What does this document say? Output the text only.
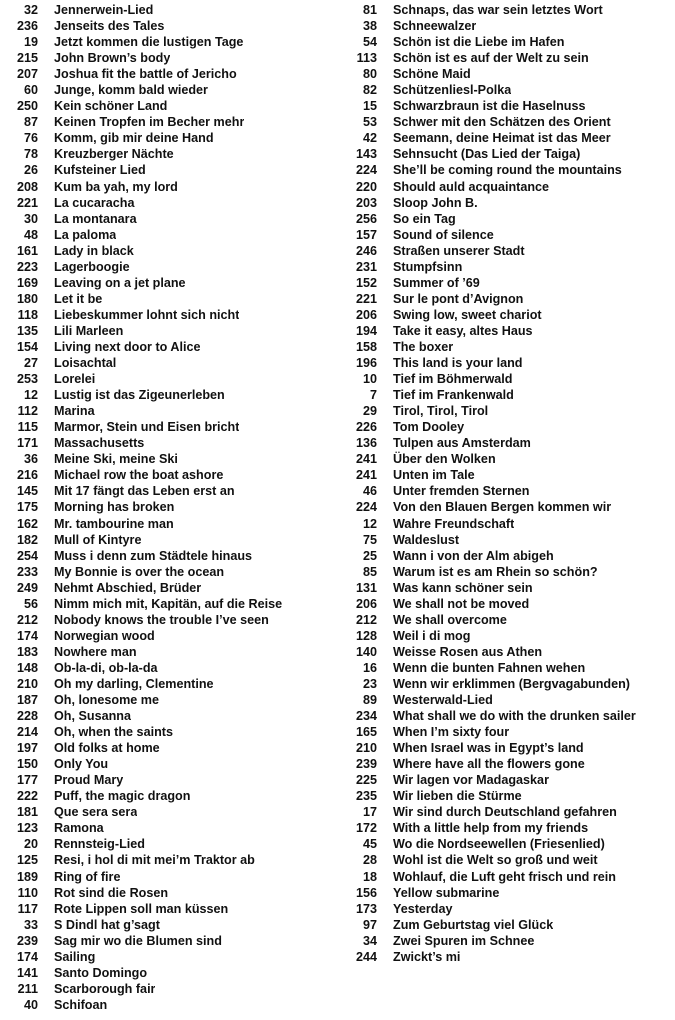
32	Jennerwein-Lied
236	Jenseits des Tales
19	Jetzt kommen die lustigen Tage
215	John Brown’s body
207	Joshua fit the battle of Jericho
60	Junge, komm bald wieder
250	Kein schöner Land
87	Keinen Tropfen im Becher mehr
76	Komm, gib mir deine Hand
78	Kreuzberger Nächte
26	Kufsteiner Lied
208	Kum ba yah, my lord
221	La cucaracha
30	La montanara
48	La paloma
161	Lady in black
223	Lagerboogie
169	Leaving on a jet plane
180	Let it be
118	Liebeskummer lohnt sich nicht
135	Lili Marleen
154	Living next door to Alice
27	Loisachtal
253	Lorelei
12	Lustig ist das Zigeunerleben
112	Marina
115	Marmor, Stein und Eisen bricht
171	Massachusetts
36	Meine Ski, meine Ski
216	Michael row the boat ashore
145	Mit 17 fängt das Leben erst an
175	Morning has broken
162	Mr. tambourine man
182	Mull of Kintyre
254	Muss i denn zum Städtele hinaus
233	My Bonnie is over the ocean
249	Nehmt Abschied, Brüder
56	Nimm mich mit, Kapitän, auf die Reise
212	Nobody knows the trouble I’ve seen
174	Norwegian wood
183	Nowhere man
148	Ob-la-di, ob-la-da
210	Oh my darling, Clementine
187	Oh, lonesome me
228	Oh, Susanna
214	Oh, when the saints
197	Old folks at home
150	Only You
177	Proud Mary
222	Puff, the magic dragon
181	Que sera sera
123	Ramona
20	Rennsteig-Lied
125	Resi, i hol di mit mei’m Traktor ab
189	Ring of fire
110	Rot sind die Rosen
117	Rote Lippen soll man küssen
33	S Dindl hat g’sagt
239	Sag mir wo die Blumen sind
174	Sailing
141	Santo Domingo
211	Scarborough fair
40	Schifoan
81	Schnaps, das war sein letztes Wort
38	Schneewalzer
54	Schön ist die Liebe im Hafen
113	Schön ist es auf der Welt zu sein
80	Schöne Maid
82	Schützenliesl-Polka
15	Schwarzbraun ist die Haselnuss
53	Schwer mit den Schätzen des Orient
42	Seemann, deine Heimat ist das Meer
143	Sehnsucht (Das Lied der Taiga)
224	She’ll be coming round the mountains
220	Should auld acquaintance
203	Sloop John B.
256	So ein Tag
157	Sound of silence
246	Straßen unserer Stadt
231	Stumpfsinn
152	Summer of ’69
221	Sur le pont d’Avignon
206	Swing low, sweet chariot
194	Take it easy, altes Haus
158	The boxer
196	This land is your land
10	Tief im Böhmerwald
7	Tief im Frankenwald
29	Tirol, Tirol, Tirol
226	Tom Dooley
136	Tulpen aus Amsterdam
241	Über den Wolken
241	Unten im Tale
46	Unter fremden Sternen
224	Von den Blauen Bergen kommen wir
12	Wahre Freundschaft
75	Waldeslust
25	Wann i von der Alm abigeh
85	Warum ist es am Rhein so schön?
131	Was kann schöner sein
206	We shall not be moved
212	We shall overcome
128	Weil i di mog
140	Weisse Rosen aus Athen
16	Wenn die bunten Fahnen wehen
23	Wenn wir erklimmen (Bergvagabunden)
89	Westerwald-Lied
234	What shall we do with the drunken sailer
165	When I’m sixty four
210	When Israel was in Egypt’s land
239	Where have all the flowers gone
225	Wir lagen vor Madagaskar
235	Wir lieben die Stürme
17	Wir sind durch Deutschland gefahren
172	With a little help from my friends
45	Wo die Nordseewellen (Friesenlied)
28	Wohl ist die Welt so groß und weit
18	Wohlauf, die Luft geht frisch und rein
156	Yellow submarine
173	Yesterday
97	Zum Geburtstag viel Glück
34	Zwei Spuren im Schnee
244	Zwickt’s mi
